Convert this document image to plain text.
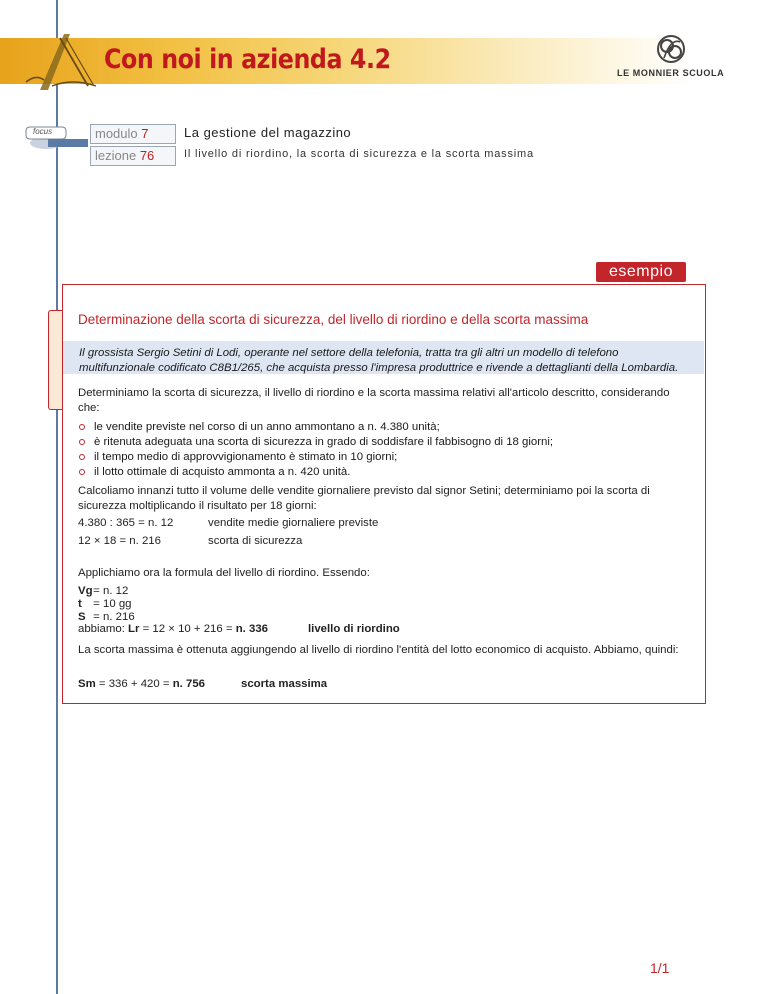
Con noi in azienda 4.2	LE MONNIER SCUOLA
focus	modulo 7	La gestione del magazzino
lezione 76	Il livello di riordino, la scorta di sicurezza e la scorta massima
esempio
Determinazione della scorta di sicurezza, del livello di riordino e della scorta massima
Il grossista Sergio Setini di Lodi, operante nel settore della telefonia, tratta tra gli altri un modello di telefono multifunzionale codificato C8B1/265, che acquista presso l'impresa produttrice e rivende a dettaglianti della Lombardia.
Determiniamo la scorta di sicurezza, il livello di riordino e la scorta massima relativi all'articolo descritto, considerando che:
le vendite previste nel corso di un anno ammontano a n. 4.380 unità;
è ritenuta adeguata una scorta di sicurezza in grado di soddisfare il fabbisogno di 18 giorni;
il tempo medio di approvvigionamento è stimato in 10 giorni;
il lotto ottimale di acquisto ammonta a n. 420 unità.
Calcoliamo innanzi tutto il volume delle vendite giornaliere previsto dal signor Setini; determiniamo poi la scorta di sicurezza moltiplicando il risultato per 18 giorni:
4.380 : 365 = n. 12	vendite medie giornaliere previste
12 × 18 = n. 216	scorta di sicurezza
Applichiamo ora la formula del livello di riordino. Essendo:
Vg = n. 12
t = 10 gg
S = n. 216
abbiamo: Lr = 12 × 10 + 216 = n. 336	livello di riordino
La scorta massima è ottenuta aggiungendo al livello di riordino l'entità del lotto economico di acquisto. Abbiamo, quindi:
Sm = 336 + 420 = n. 756	scorta massima
1/1
